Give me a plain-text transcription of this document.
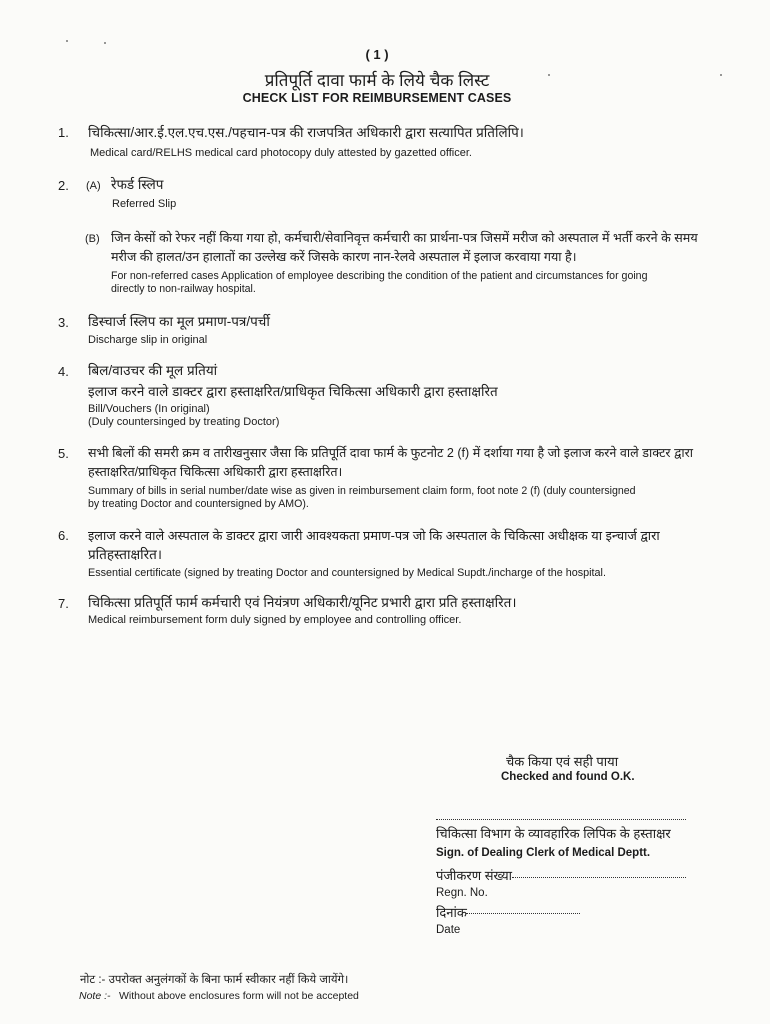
( 1 )
प्रतिपूर्ति दावा फार्म के लिये चैक लिस्ट
CHECK LIST FOR REIMBURSEMENT CASES
1. चिकित्सा/आर.ई.एल.एच.एस./पहचान-पत्र की राजपत्रित अधिकारी द्वारा सत्यापित प्रतिलिपि।
Medical card/RELHS medical card photocopy duly attested by gazetted officer.
2. (A) रेफर्ड स्लिप
Referred Slip
(B) जिन केसों को रेफर नहीं किया गया हो, कर्मचारी/सेवानिवृत्त कर्मचारी का प्रार्थना-पत्र जिसमें मरीज को अस्पताल में भर्ती करने के समय
मरीज की हालत/उन हालातों का उल्लेख करें जिसके कारण नान-रेलवे अस्पताल में इलाज करवाया गया है।
For non-referred cases Application of employee describing the condition of the patient and circumstances for going
directly to non-railway hospital.
3. डिस्चार्ज स्लिप का मूल प्रमाण-पत्र/पर्ची
Discharge slip in original
4. बिल/वाउचर की मूल प्रतियां
इलाज करने वाले डाक्टर द्वारा हस्ताक्षरित/प्राधिकृत चिकित्सा अधिकारी द्वारा हस्ताक्षरित
Bill/Vouchers (In original)
(Duly countersinged by treating Doctor)
5. सभी बिलों की समरी क्रम व तारीखनुसार जैसा कि प्रतिपूर्ति दावा फार्म के फुटनोट 2 (f) में दर्शाया गया है जो इलाज करने वाले डाक्टर द्वारा
हस्ताक्षरित/प्राधिकृत चिकित्सा अधिकारी द्वारा हस्ताक्षरित।
Summary of bills in serial number/date wise as given in reimbursement claim form, foot note 2 (f) (duly countersigned
by treating Doctor and countersigned by AMO).
6. इलाज करने वाले अस्पताल के डाक्टर द्वारा जारी आवश्यकता प्रमाण-पत्र जो कि अस्पताल के चिकित्सा अधीक्षक या इन्चार्ज द्वारा
प्रतिहस्ताक्षरित।
Essential certificate (signed by treating Doctor and countersigned by Medical Supdt./incharge of the hospital.
7. चिकित्सा प्रतिपूर्ति फार्म कर्मचारी एवं नियंत्रण अधिकारी/यूनिट प्रभारी द्वारा प्रति हस्ताक्षरित।
Medical reimbursement form duly signed by employee and controlling officer.
चैक किया एवं सही पाया
Checked and found O.K.
चिकित्सा विभाग के व्यावहारिक लिपिक के हस्ताक्षर
Sign. of Dealing Clerk of Medical Deptt.
पंजीकरण संख्या
Regn. No.
दिनांक
Date
नोट :- उपरोक्त अनुलंगकों के बिना फार्म स्वीकार नहीं किये जायेंगे।
Note :- Without above enclosures form will not be accepted
